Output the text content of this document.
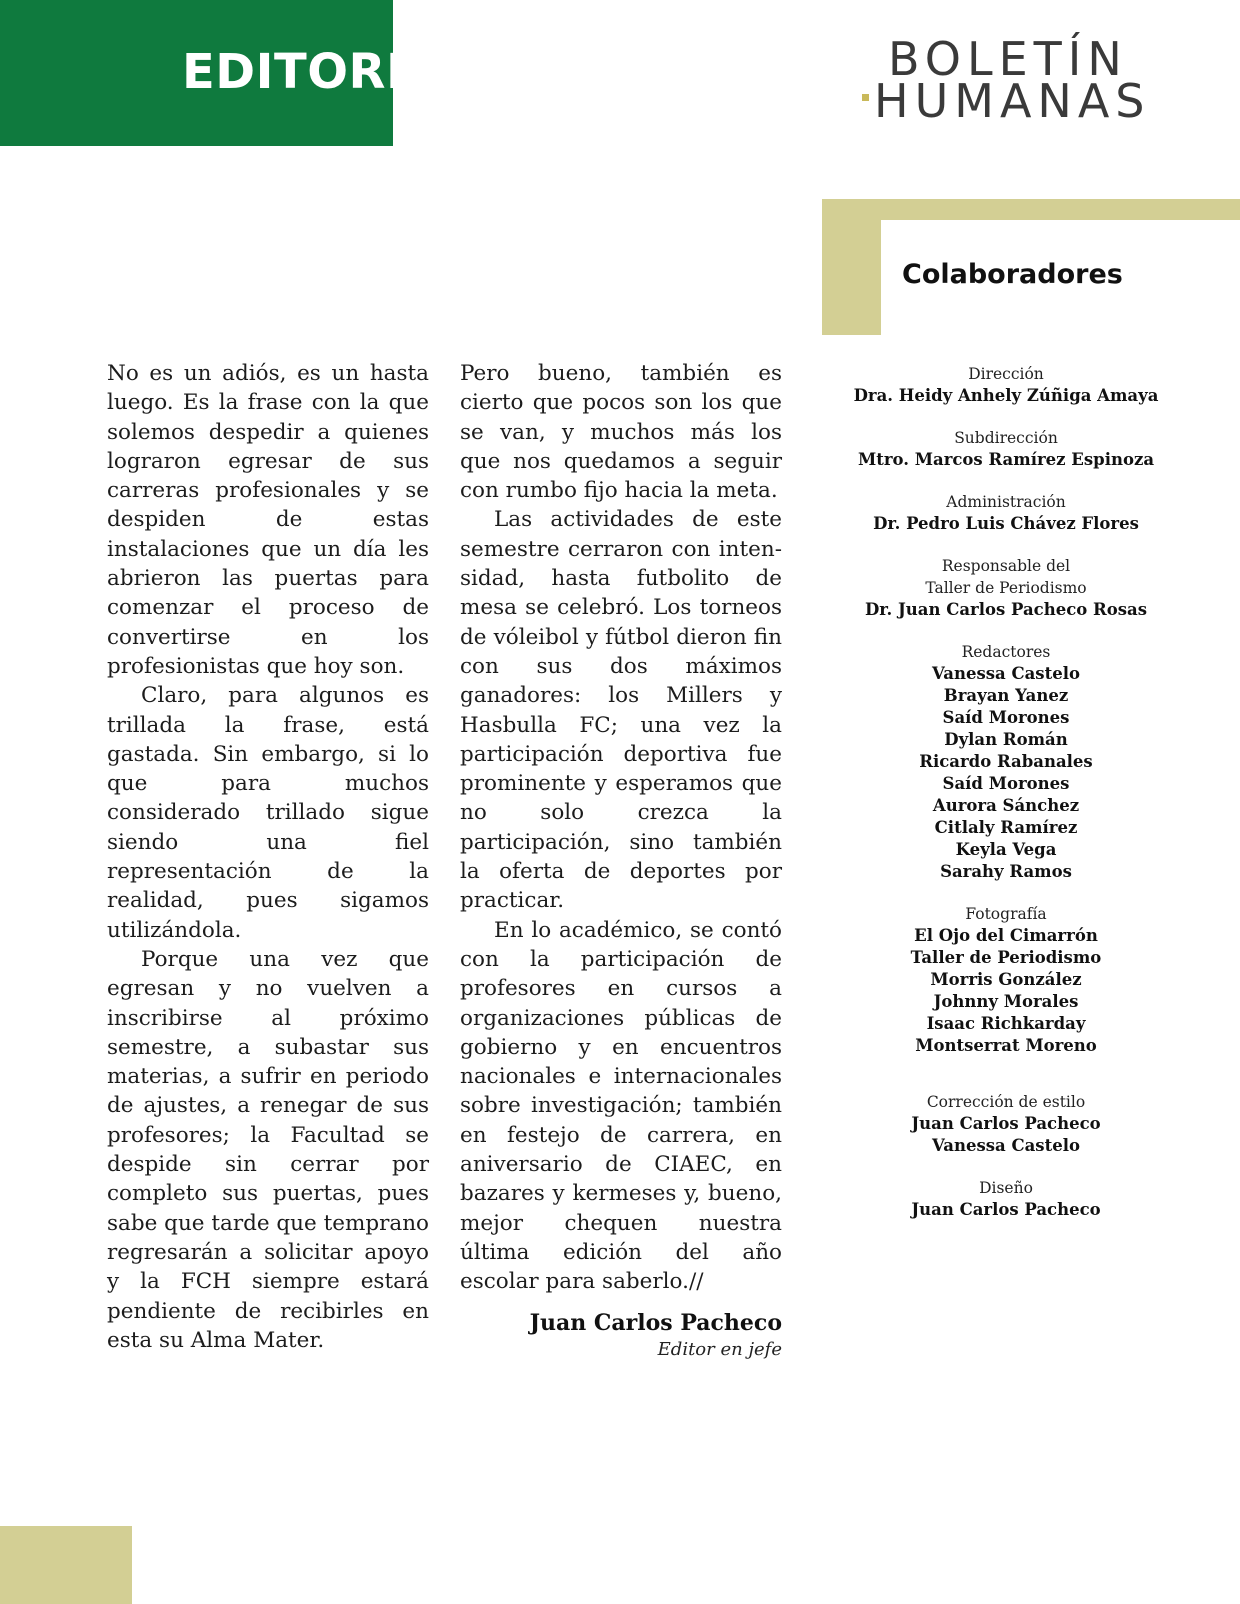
EDITORIAL	BOLETÍN
HUMANAS
Colaboradores

No es un adiós, es un hasta luego. Es la frase con la que solemos despedir a quienes lograron egresar de sus carreras profesionales y se despiden de estas instalaciones que un día les abrieron las puertas para comenzar el proceso de convertirse en los profesionistas que hoy son.

Claro, para algunos es trillada la frase, está gastada. Sin embargo, si lo que para muchos considerado trillado sigue siendo una fiel representación de la realidad, pues sigamos utilizándola.

Porque una vez que egresan y no vuelven a inscribirse al próximo semestre, a subastar sus materias, a sufrir en periodo de ajustes, a renegar de sus profesores; la Facultad se despide sin cerrar por completo sus puertas, pues sabe que tarde que temprano regresarán a solicitar apoyo y la FCH siempre estará pendiente de recibirles en esta su Alma Mater.

Pero bueno, también es cierto que pocos son los que se van, y muchos más los que nos quedamos a seguir con rumbo fijo hacia la meta.

Las actividades de este semestre cerraron con intensidad, hasta futbolito de mesa se celebró. Los torneos de vóleibol y fútbol dieron fin con sus dos máximos ganadores: los Millers y Hasbulla FC; una vez la participación deportiva fue prominente y esperamos que no solo crezca la participación, sino también la oferta de deportes por practicar.

En lo académico, se contó con la participación de profesores en cursos a organizaciones públicas de gobierno y en encuentros nacionales e internacionales sobre investigación; también en festejo de carrera, en aniversario de CIAEC, en bazares y kermeses y, bueno, mejor chequen nuestra última edición del año escolar para saberlo.//

Juan Carlos Pacheco
Editor en jefe
Dirección
Dra. Heidy Anhely Zúñiga Amaya
Subdirección
Mtro. Marcos Ramírez Espinoza
Administración
Dr. Pedro Luis Chávez Flores
Responsable del
Taller de Periodismo
Dr. Juan Carlos Pacheco Rosas
Redactores
Vanessa Castelo
Brayan Yanez
Saíd Morones
Dylan Román
Ricardo Rabanales
Saíd Morones
Aurora Sánchez
Citlaly Ramírez
Keyla Vega
Sarahy Ramos
Fotografía
El Ojo del Cimarrón
Taller de Periodismo
Morris González
Johnny Morales
Isaac Richkarday
Montserrat Moreno
Corrección de estilo
Juan Carlos Pacheco
Vanessa Castelo
Diseño
Juan Carlos Pacheco
